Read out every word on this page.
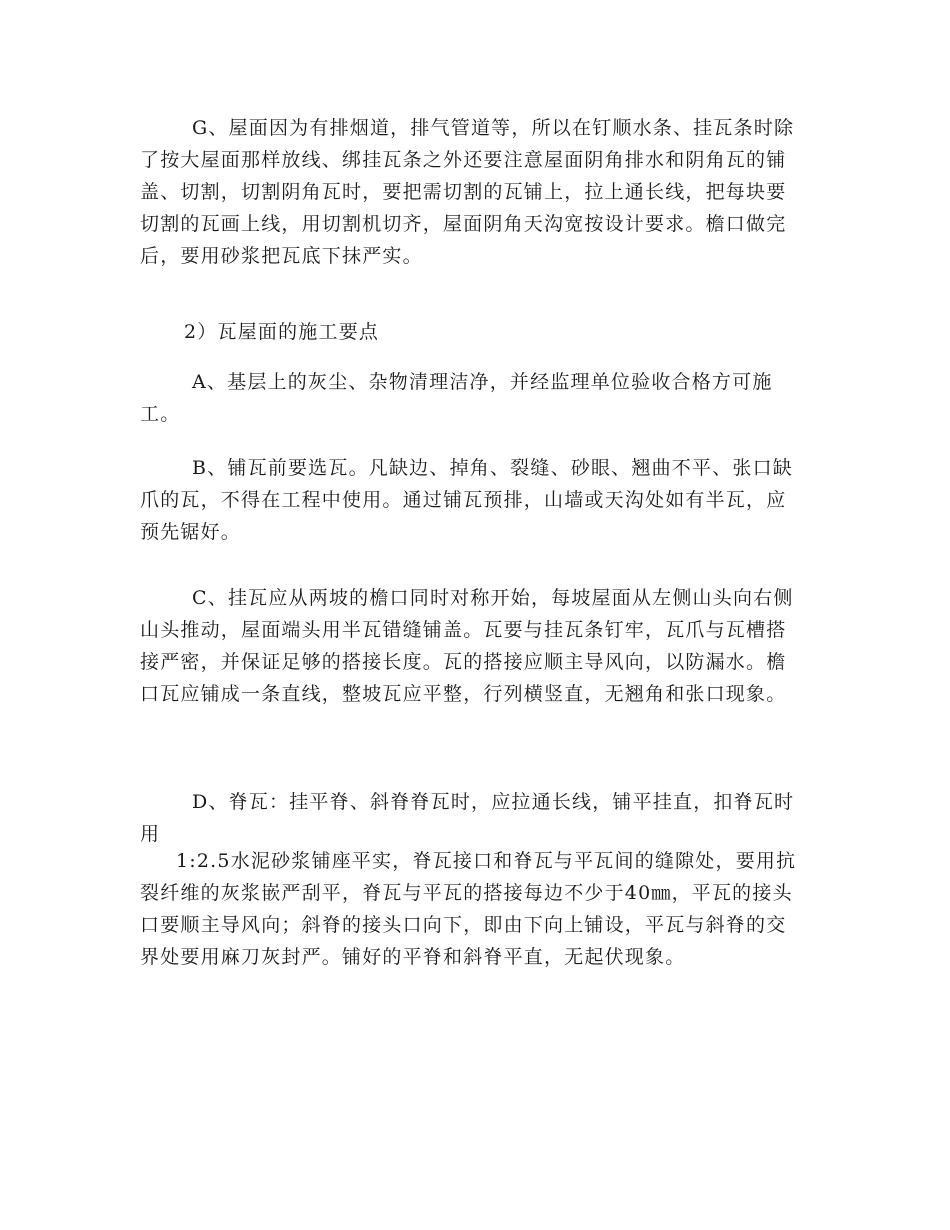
G、屋面因为有排烟道，排气管道等，所以在钉顺水条、挂瓦条时除了按大屋面那样放线、绑挂瓦条之外还要注意屋面阴角排水和阴角瓦的铺盖、切割，切割阴角瓦时，要把需切割的瓦铺上，拉上通长线，把每块要切割的瓦画上线，用切割机切齐，屋面阴角天沟宽按设计要求。檐口做完后，要用砂浆把瓦底下抹严实。

2）瓦屋面的施工要点

A、基层上的灰尘、杂物清理洁净，并经监理单位验收合格方可施工。

B、铺瓦前要选瓦。凡缺边、掉角、裂缝、砂眼、翘曲不平、张口缺爪的瓦，不得在工程中使用。通过铺瓦预排，山墙或天沟处如有半瓦，应预先锯好。

C、挂瓦应从两坡的檐口同时对称开始，每坡屋面从左侧山头向右侧山头推动，屋面端头用半瓦错缝铺盖。瓦要与挂瓦条钉牢，瓦爪与瓦槽搭接严密，并保证足够的搭接长度。瓦的搭接应顺主导风向，以防漏水。檐口瓦应铺成一条直线，整坡瓦应平整，行列横竖直，无翘角和张口现象。

D、脊瓦：挂平脊、斜脊脊瓦时，应拉通长线，铺平挂直，扣脊瓦时用

1:2.5水泥砂浆铺座平实，脊瓦接口和脊瓦与平瓦间的缝隙处，要用抗裂纤维的灰浆嵌严刮平，脊瓦与平瓦的搭接每边不少于40㎜，平瓦的接头口要顺主导风向；斜脊的接头口向下，即由下向上铺设，平瓦与斜脊的交界处要用麻刀灰封严。铺好的平脊和斜脊平直，无起伏现象。
